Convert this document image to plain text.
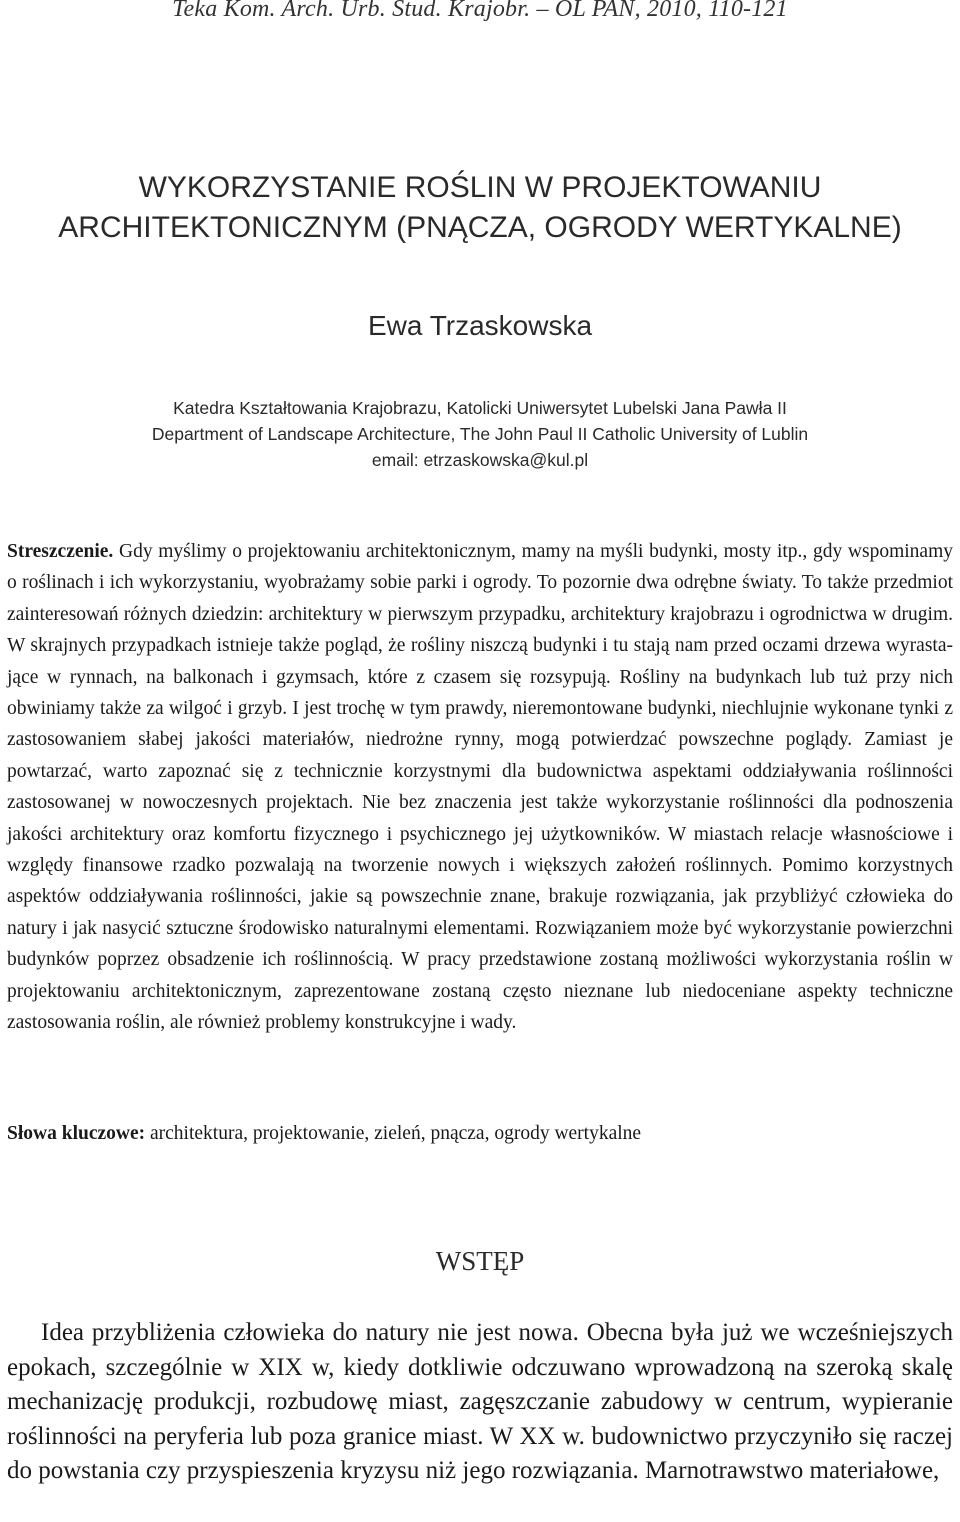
Teka Kom. Arch. Urb. Stud. Krajobr. – OL PAN, 2010, 110-121
WYKORZYSTANIE ROŚLIN W PROJEKTOWANIU
ARCHITEKTONICZNYM (PNĄCZA, OGRODY WERTYKALNE)
Ewa Trzaskowska
Katedra Kształtowania Krajobrazu, Katolicki Uniwersytet Lubelski Jana Pawła II
Department of Landscape Architecture, The John Paul II Catholic University of Lublin
email: etrzaskowska@kul.pl
Streszczenie. Gdy myślimy o projektowaniu architektonicznym, mamy na myśli budynki, mosty itp., gdy wspominamy o roślinach i ich wykorzystaniu, wyobrażamy sobie parki i ogrody. To pozornie dwa odrębne światy. To także przedmiot zainteresowań różnych dziedzin: architektury w pierwszym przypadku, architektury krajobrazu i ogrodnictwa w drugim. W skrajnych przypadkach istnieje także pogląd, że rośliny niszczą budynki i tu stają nam przed oczami drzewa wyrastające w rynnach, na balkonach i gzymsach, które z czasem się rozsypują. Rośliny na budynkach lub tuż przy nich obwiniamy także za wilgoć i grzyb. I jest trochę w tym prawdy, nieremontowane budynki, niechlujnie wykonane tynki z zastosowaniem słabej jakości materiałów, niedrożne rynny, mogą potwierdzać powszechne poglądy. Zamiast je powtarzać, warto zapoznać się z technicznie korzystnymi dla budownictwa aspektami oddziaływania roślinności zastosowanej w nowoczesnych projektach. Nie bez znaczenia jest także wykorzystanie roślinności dla podnoszenia jakości architektury oraz komfortu fizycznego i psychicznego jej użytkowników. W miastach relacje własnościowe i względy finansowe rzadko pozwalają na tworzenie nowych i większych założeń roślinnych. Pomimo korzystnych aspektów oddziaływania roślinności, jakie są powszechnie znane, brakuje rozwiązania, jak przybliżyć człowieka do natury i jak nasycić sztuczne środowisko naturalnymi elementami. Rozwiązaniem może być wykorzystanie powierzchni budynków poprzez obsadzenie ich roślinnością. W pracy przedstawione zostaną możliwości wykorzystania roślin w projektowaniu architektonicznym, zaprezentowane zostaną często nieznane lub niedoceniane aspekty techniczne zastosowania roślin, ale również problemy konstrukcyjne i wady.
Słowa kluczowe: architektura, projektowanie, zieleń, pnącza, ogrody wertykalne
WSTĘP
Idea przybliżenia człowieka do natury nie jest nowa. Obecna była już we wcześniejszych epokach, szczególnie w XIX w, kiedy dotkliwie odczuwano wprowadzoną na szeroką skalę mechanizację produkcji, rozbudowę miast, zagęszczanie zabudowy w centrum, wypieranie roślinności na peryferia lub poza granice miast. W XX w. budownictwo przyczyniło się raczej do powstania czy przyspieszenia kryzysu niż jego rozwiązania. Marnotrawstwo materiałowe,
